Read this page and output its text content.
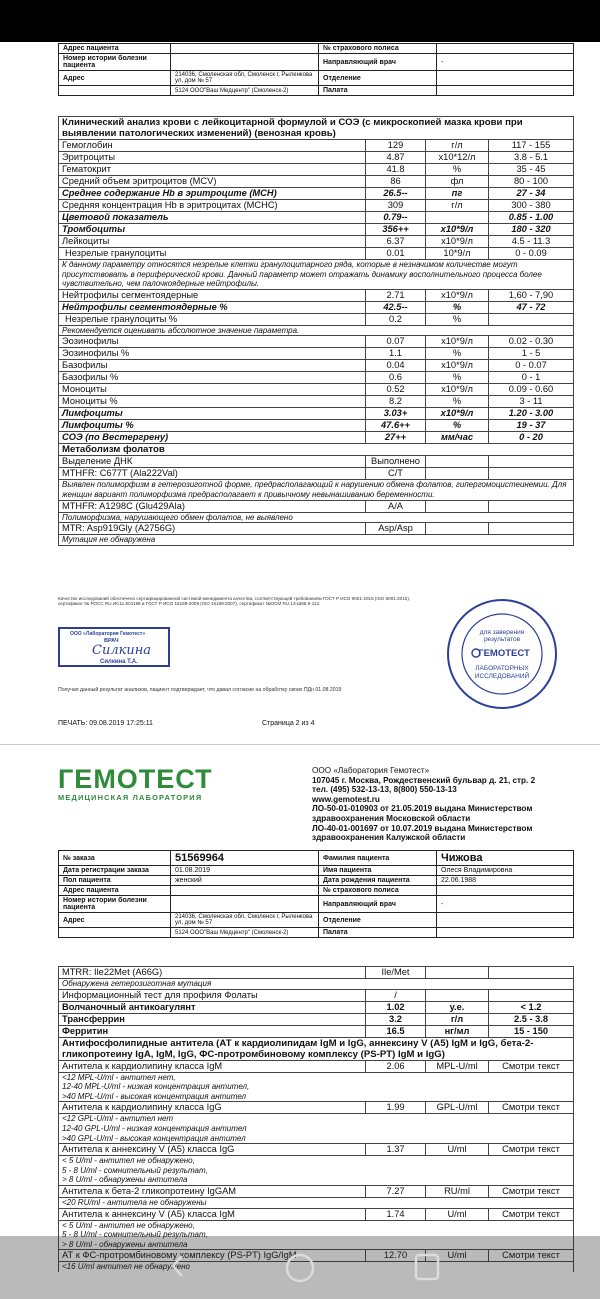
Адрес пациента		№ страхового полиса	
Номер истории болезни пациента		Направляющий врач	-
Адрес	214036, Смоленская обл, Смоленск г, Рыленкова ул, дом № 57	Отделение	
	5124 ООО"Ваш Медцентр" (Смоленск-2)	Палата	
Клинический анализ крови с лейкоцитарной формулой и СОЭ (с микроскопией мазка крови при выявлении патологических изменений) (венозная кровь)			
Гемоглобин	129	г/л	117 - 155
Эритроциты	4.87	x10*12/л	3.8 - 5.1
Гематокрит	41.8	%	35 - 45
Средний объем эритроцитов (MCV)	86	фл	80 - 100
Среднее содержание Hb в эритроците (MCH)	26.5--	пг	27 - 34
Средняя концентрация Hb в эритроцитах (MCHC)	309	г/л	300 - 380
Цветовой показатель	0.79--		0.85 - 1.00
Тромбоциты	356++	x10*9/л	180 - 320
Лейкоциты	6.37	x10*9/л	4.5 - 11.3
Незрелые гранулоциты	0.01	10*9/л	0 - 0.09
К данному параметру относятся незрелые клетки гранулоцитарного ряда, которые в незначимом количестве могут присутствовать в периферической крови. Данный параметр может отражать динамику восполнительного процесса более чувствительно, чем палочкоядерные нейтрофилы.			
Нейтрофилы сегментоядерные	2.71	x10*9/л	1,60 - 7,90
Нейтрофилы сегментоядерные %	42.5--	%	47 - 72
Незрелые гранулоциты %	0.2	%	
Рекомендуется оценивать абсолютное значение параметра.			
Эозинофилы	0.07	x10*9/л	0.02 - 0.30
Эозинофилы %	1.1	%	1 - 5
Базофилы	0.04	x10*9/л	0 - 0.07
Базофилы %	0.6	%	0 - 1
Моноциты	0.52	x10*9/л	0.09 - 0.60
Моноциты %	8.2	%	3 - 11
Лимфоциты	3.03+	x10*9/л	1.20 - 3.00
Лимфоциты %	47.6++	%	19 - 37
СОЭ (по Вестергрену)	27++	мм/час	0 - 20
Метаболизм фолатов			
Выделение ДНК	Выполнено		
MTHFR: C677T (Ala222Val)	C/T		
Выявлен полиморфизм в гетерозиготной форме, предрасполагающий к нарушению обмена фолатов, гипергомоцистеинемии. Для женщин вариант полиморфизма предрасполагает к привычному невынашиванию беременности.			
MTHFR: A1298C (Glu429Ala)	A/A		
Полиморфизма, нарушающего обмен фолатов, не выявлено			
MTR: Asp919Gly (A2756G)	Asp/Asp		
Мутация не обнаружена			
Качество исследований обеспечено сертифицированной системой менеджмента качества, соответствующей требованиям ГОСТ Р ИСО 9001-2015 (ISO 9001:2015), сертификат № РОСС RU.ИС11.К01198 и ГОСТ Р ИСО 15189-2009 (ISO 15189:2007), сертификат №ОСМ RU.13-Ш86.9-112.
ООО «Лаборатория Гемотест»
ВРАЧ
Силкина
Силкина Т.А.
для заверения
результатов
ГЕМОТЕСТ
ЛАБОРАТОРНЫХ
ИССЛЕДОВАНИЙ
Получая данный результат анализов, пациент подтверждает, что давал согласие на обработку своих ПДн 01.08.2019
ПЕЧАТЬ: 09.08.2019 17:25:11	Страница 2 из 4
ГЕМОТЕСТ
МЕДИЦИНСКАЯ ЛАБОРАТОРИЯ
ООО «Лаборатория Гемотест»
107045 г. Москва, Рождественский бульвар д. 21, стр. 2
тел. (495) 532-13-13, 8(800) 550-13-13
www.gemotest.ru
ЛО-50-01-010903 от 21.05.2019 выдана Министерством здравоохранения Московской области
ЛО-40-01-001697 от 10.07.2019 выдана Министерством здравоохранения Калужской области
№ заказа	51569964	Фамилия пациента	Чижова
Дата регистрации заказа	01.08.2019	Имя пациента	Олеся Владимировна
Пол пациента	женский	Дата рождения пациента	22.06.1988
Адрес пациента		№ страхового полиса	
Номер истории болезни пациента		Направляющий врач	-
Адрес	214036, Смоленская обл, Смоленск г, Рыленкова ул, дом № 57	Отделение	
	5124 ООО"Ваш Медцентр" (Смоленск-2)	Палата	
MTRR: Ile22Met (A66G)	Ile/Met		
Обнаружена гетерозиготная мутация			
Информационный тест для профиля Фолаты	/		
Волчаночный антикоагулянт	1.02	у.е.	< 1.2
Трансферрин	3.2	г/л	2.5 - 3.8
Ферритин	16.5	нг/мл	15 - 150
Антифосфолипидные антитела (АТ к кардиолипидам IgM и IgG, аннексину V (A5) IgM и IgG, бета-2-гликопротеину IgA, IgM, IgG, ФС-протромбиновому комплексу (PS-PT) IgM и IgG)			
Антитела к кардиолипину класса IgM	2.06	MPL-U/ml	Смотри текст
<12 MPL-U/ml - антител нет,			
12-40 MPL-U/ml - низкая концентрация антител,			
>40 MPL-U/ml - высокая концентрация антител			
Антитела к кардиолипину класса IgG	1.99	GPL-U/ml	Смотри текст
<12 GPL-U/ml - антител нет			
12-40 GPL-U/ml - низкая концентрация антител			
>40 GPL-U/ml - высокая концентрация антител			
Антитела к аннексину V (A5) класса IgG	1.37	U/ml	Смотри текст
< 5 U/ml - антител не обнаружено,			
5 - 8 U/ml - сомнительный результат,			
> 8 U/ml - обнаружены антитела			
Антитела к бета-2 гликопротеину IgGAM	7.27	RU/ml	Смотри текст
<20 RU/ml - антитела не обнаружены			
Антитела к аннексину V (A5) класса IgM	1.74	U/ml	Смотри текст
< 5 U/ml - антител не обнаружено,			
5 - 8 U/ml - сомнительный результат,			
> 8 U/ml - обнаружены антитела			
АТ к ФС-протромбиновому комплексу (PS-PT) IgG/IgM	12.70	U/ml	Смотри текст
<16 U/ml антител не обнаружено			
